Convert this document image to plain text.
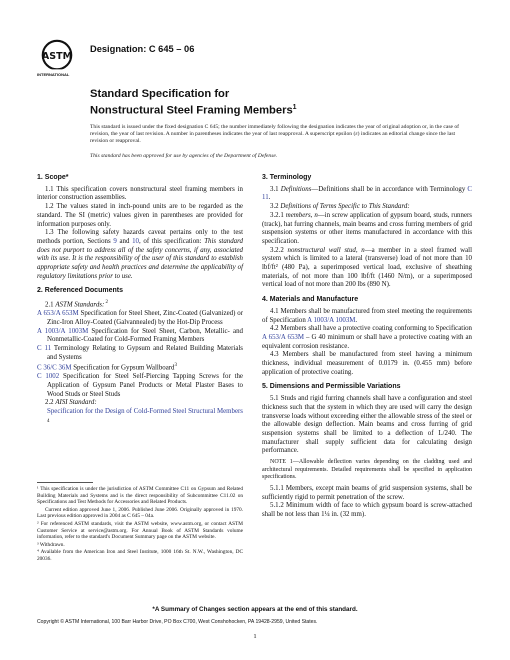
ASTM
INTERNATIONAL
Designation: C 645 – 06
Standard Specification for
Nonstructural Steel Framing Members$^1$
This standard is issued under the fixed designation C 645; the number immediately following the designation indicates the year of original adoption or, in the case of revision, the year of last revision. A number in parentheses indicates the year of last reapproval. A superscript epsilon (ε) indicates an editorial change since the last revision or reapproval.
This standard has been approved for use by agencies of the Department of Defense.

1. Scope*

1.1 This specification covers nonstructural steel framing members in interior construction assemblies.

1.2 The values stated in inch-pound units are to be regarded as the standard. The SI (metric) values given in parentheses are provided for information purposes only.

1.3 The following safety hazards caveat pertains only to the test methods portion, Sections 9 and 10, of this specification: This standard does not purport to address all of the safety concerns, if any, associated with its use. It is the responsibility of the user of this standard to establish appropriate safety and health practices and determine the applicability of regulatory limitations prior to use.

2. Referenced Documents

2.1 ASTM Standards: $^2$

A 653/A 653M Specification for Steel Sheet, Zinc-Coated (Galvanized) or Zinc-Iron Alloy-Coated (Galvannealed) by the Hot-Dip Process

A 1003/A 1003M Specification for Steel Sheet, Carbon, Metallic- and Nonmetallic-Coated for Cold-Formed Framing Members

C 11 Terminology Relating to Gypsum and Related Building Materials and Systems

C 36/C 36M Specification for Gypsum Wallboard$^3$

C 1002 Specification for Steel Self-Piercing Tapping Screws for the Application of Gypsum Panel Products or Metal Plaster Bases to Wood Studs or Steel Studs

2.2 AISI Standard:

Specification for the Design of Cold-Formed Steel Structural Members $^4$

¹ This specification is under the jurisdiction of ASTM Committee C11 on Gypsum and Related Building Materials and Systems and is the direct responsibility of Subcommittee C11.02 on Specifications and Test Methods for Accessories and Related Products.

Current edition approved June 1, 2006. Published June 2006. Originally approved in 1970. Last previous edition approved in 2004 as C 645 – 04a.

² For referenced ASTM standards, visit the ASTM website, www.astm.org, or contact ASTM Customer Service at service@astm.org. For Annual Book of ASTM Standards volume information, refer to the standard's Document Summary page on the ASTM website.

³ Withdrawn.

⁴ Available from the American Iron and Steel Institute, 1000 16th St. N.W., Washington, DC 20036.

3. Terminology

3.1 Definitions—Definitions shall be in accordance with Terminology C 11.

3.2 Definitions of Terms Specific to This Standard:

3.2.1 members, n—in screw application of gypsum board, studs, runners (track), hat furring channels, main beams and cross furring members of grid suspension systems or other items manufactured in accordance with this specification.

3.2.2 nonstructural wall stud, n—a member in a steel framed wall system which is limited to a lateral (transverse) load of not more than 10 lbf/ft² (480 Pa), a superimposed vertical load, exclusive of sheathing materials, of not more than 100 lbf/ft (1460 N/m), or a superimposed vertical load of not more than 200 lbs (890 N).

4. Materials and Manufacture

4.1 Members shall be manufactured from steel meeting the requirements of Specification A 1003/A 1003M.

4.2 Members shall have a protective coating conforming to Specification A 653/A 653M – G 40 minimum or shall have a protective coating with an equivalent corrosion resistance.

4.3 Members shall be manufactured from steel having a minimum thickness, individual measurement of 0.0179 in. (0.455 mm) before application of protective coating.

5. Dimensions and Permissible Variations

5.1 Studs and rigid furring channels shall have a configuration and steel thickness such that the system in which they are used will carry the design transverse loads without exceeding either the allowable stress of the steel or the allowable design deflection. Main beams and cross furring of grid suspension systems shall be limited to a deflection of L/240. The manufacturer shall supply sufficient data for calculating design performance.

NOTE 1—Allowable deflection varies depending on the cladding used and architectural requirements. Detailed requirements shall be specified in application specifications.

5.1.1 Members, except main beams of grid suspension systems, shall be sufficiently rigid to permit penetration of the screw.

5.1.2 Minimum width of face to which gypsum board is screw-attached shall be not less than 1¼ in. (32 mm).

*A Summary of Changes section appears at the end of this standard.
Copyright © ASTM International, 100 Barr Harbor Drive, PO Box C700, West Conshohocken, PA 19428-2959, United States.
1
